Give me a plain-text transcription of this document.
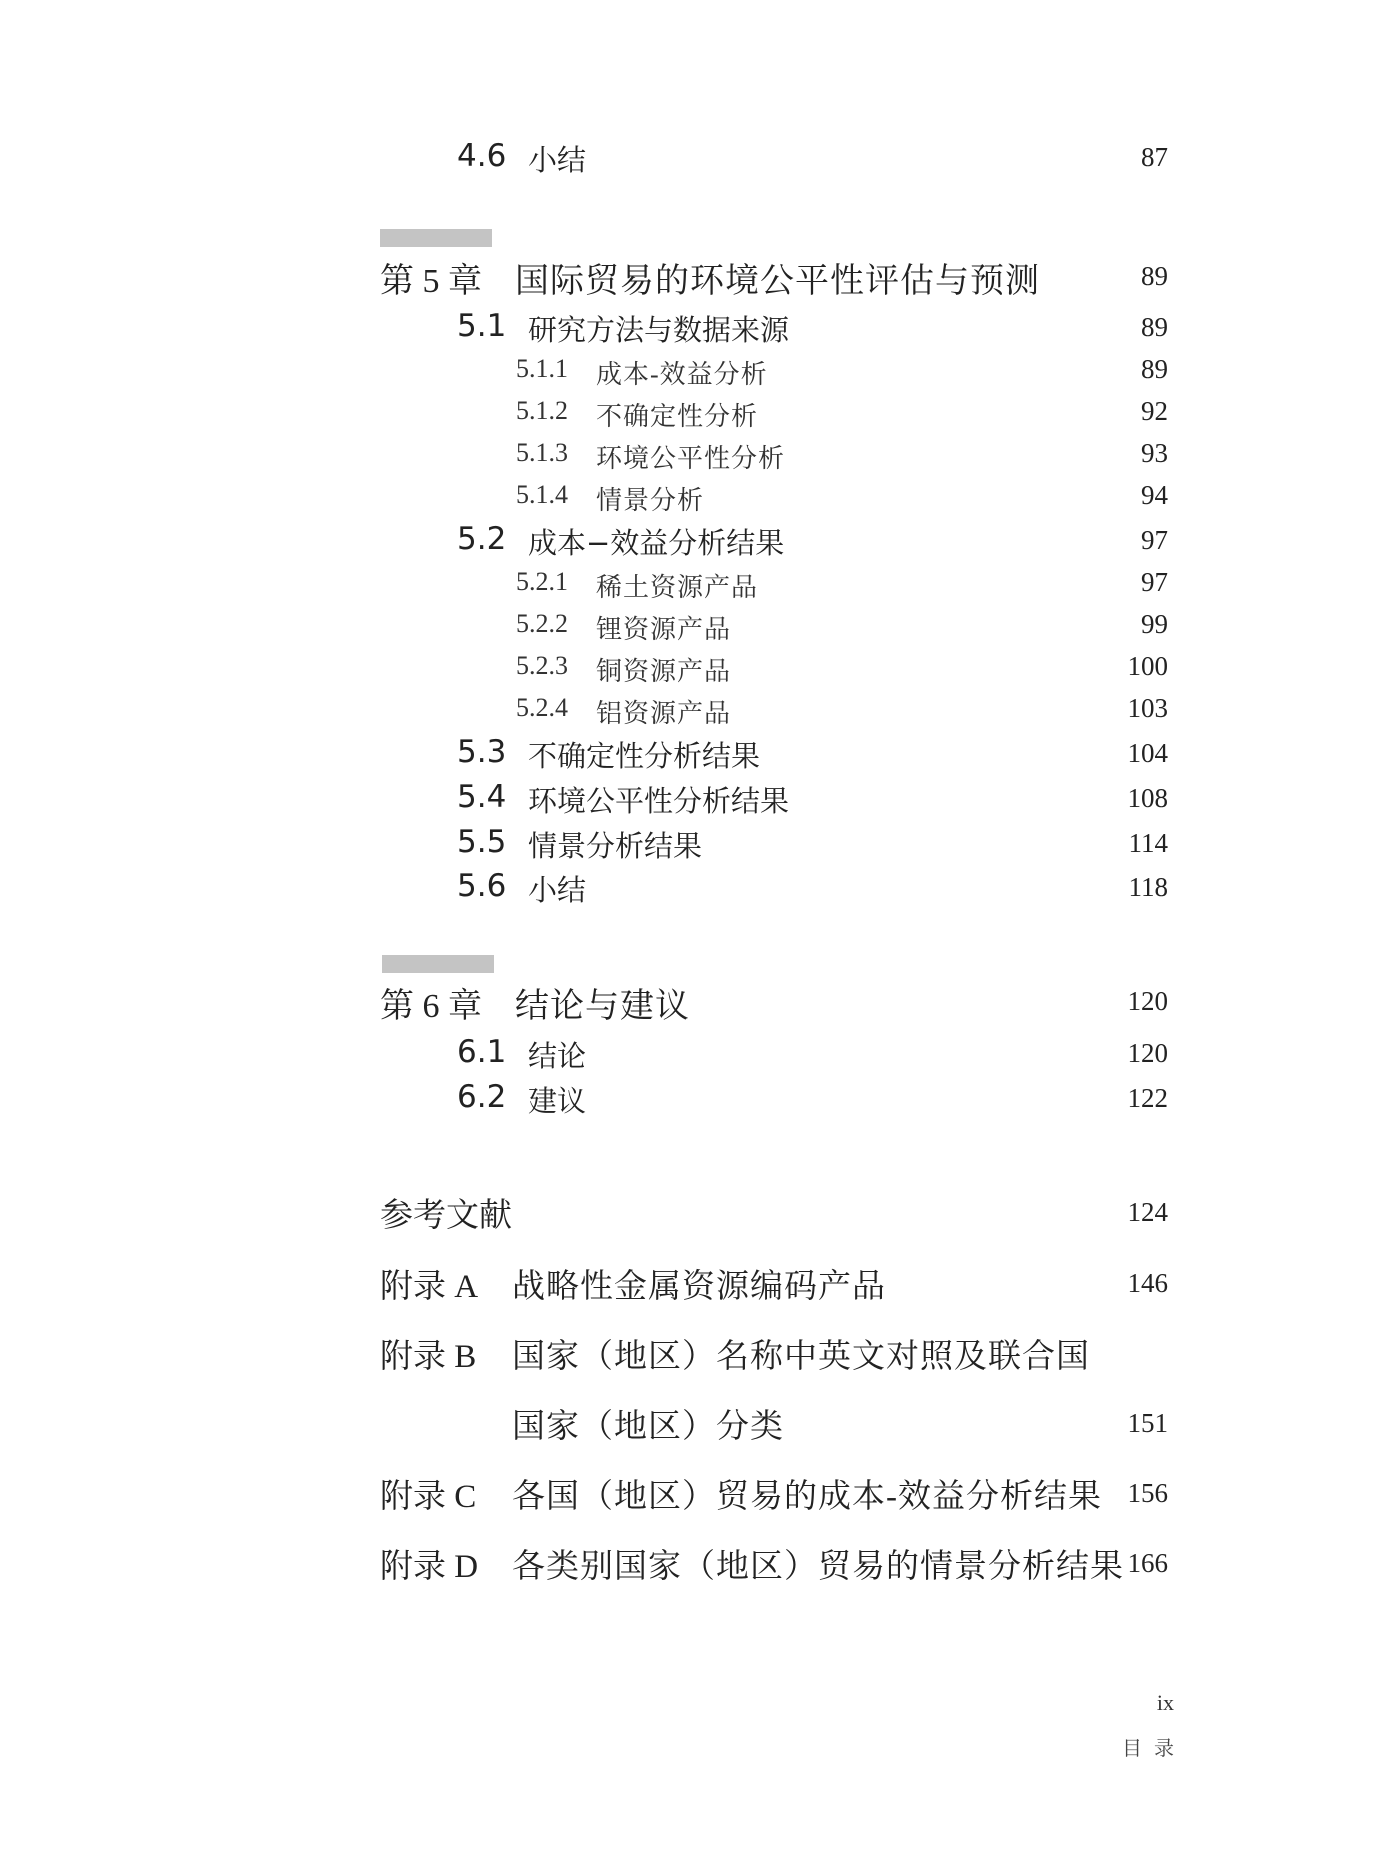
4.6 小结	87
第 5 章 国际贸易的环境公平性评估与预测	89
5.1 研究方法与数据来源	89
5.1.1 成本-效益分析	89
5.1.2 不确定性分析	92
5.1.3 环境公平性分析	93
5.1.4 情景分析	94
5.2 成本−效益分析结果	97
5.2.1 稀土资源产品	97
5.2.2 锂资源产品	99
5.2.3 铜资源产品	100
5.2.4 铝资源产品	103
5.3 不确定性分析结果	104
5.4 环境公平性分析结果	108
5.5 情景分析结果	114
5.6 小结	118
第 6 章 结论与建议	120
6.1 结论	120
6.2 建议	122
参考文献	124
附录 A 战略性金属资源编码产品	146
附录 B 国家（地区）名称中英文对照及联合国
国家（地区）分类	151
附录 C 各国（地区）贸易的成本-效益分析结果 156
附录 D 各类别国家（地区）贸易的情景分析结果 166
ix
目录
